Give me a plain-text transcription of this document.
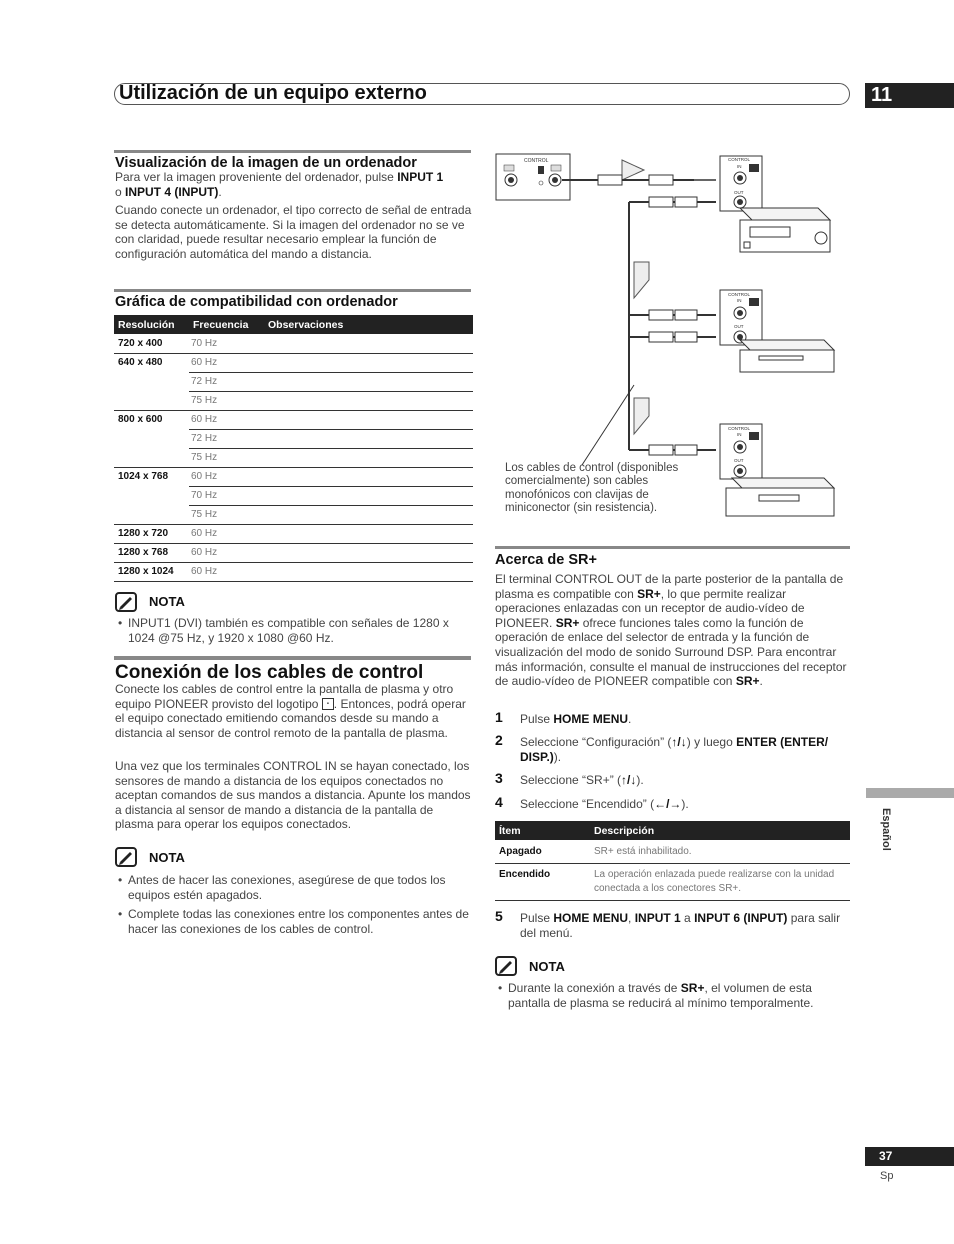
Utilización de un equipo externo	11
Visualización de la imagen de un ordenador
Para ver la imagen proveniente del ordenador, pulse INPUT 1
o INPUT 4 (INPUT).
Cuando conecte un ordenador, el tipo correcto de señal de entrada se detecta automáticamente. Si la imagen del ordenador no se ve con claridad, puede resultar necesario emplear la función de configuración automática del mando a distancia.
Gráfica de compatibilidad con ordenador
Resolución	Frecuencia	Observaciones
720 x 400	70 Hz	
640 x 480	60 Hz	
	72 Hz	
	75 Hz	
800 x 600	60 Hz	
	72 Hz	
	75 Hz	
1024 x 768	60 Hz	
	70 Hz	
	75 Hz	
1280 x 720	60 Hz	
1280 x 768	60 Hz	
1280 x 1024	60 Hz	
NOTA
• INPUT1 (DVI) también es compatible con señales de 1280 x 1024 @75 Hz, y 1920 x 1080 @60 Hz.
Conexión de los cables de control
Conecte los cables de control entre la pantalla de plasma y otro equipo PIONEER provisto del logotipo ▪ . Entonces, podrá operar el equipo conectado emitiendo comandos desde su mando a distancia al sensor de control remoto de la pantalla de plasma.
Una vez que los terminales CONTROL IN se hayan conectado, los sensores de mando a distancia de los equipos conectados no aceptan comandos de sus mandos a distancia. Apunte los mandos a distancia al sensor de mando a distancia de la pantalla de plasma para operar los equipos conectados.
NOTA
• Antes de hacer las conexiones, asegúrese de que todos los equipos estén apagados.
• Complete todas las conexiones entre los componentes antes de hacer las conexiones de los cables de control.
CONTROL	CONTROL
IN
OUT
CONTROL
IN
OUT
CONTROL
IN
OUT
Los cables de control (disponibles comercialmente) son cables monofónicos con clavijas de miniconector (sin resistencia).
Acerca de SR+
El terminal CONTROL OUT de la parte posterior de la pantalla de plasma es compatible con SR+, lo que permite realizar operaciones enlazadas con un receptor de audio-vídeo de PIONEER. SR+ ofrece funciones tales como la función de operación de enlace del selector de entrada y la función de visualización del modo de sonido Surround DSP. Para encontrar más información, consulte el manual de instrucciones del receptor de audio-vídeo de PIONEER compatible con SR+.
1 Pulse HOME MENU.
2 Seleccione “Configuración” (↑/↓) y luego ENTER (ENTER/ DISP.)).
3 Seleccione “SR+” (↑/↓).
4 Seleccione “Encendido” (←/→).
Ítem	Descripción
Apagado	SR+ está inhabilitado.
Encendido	La operación enlazada puede realizarse con la unidad conectada a los conectores SR+.
5 Pulse HOME MENU, INPUT 1 a INPUT 6 (INPUT) para salir del menú.
NOTA
• Durante la conexión a través de SR+, el volumen de esta pantalla de plasma se reducirá al mínimo temporalmente.
Español
37
Sp
